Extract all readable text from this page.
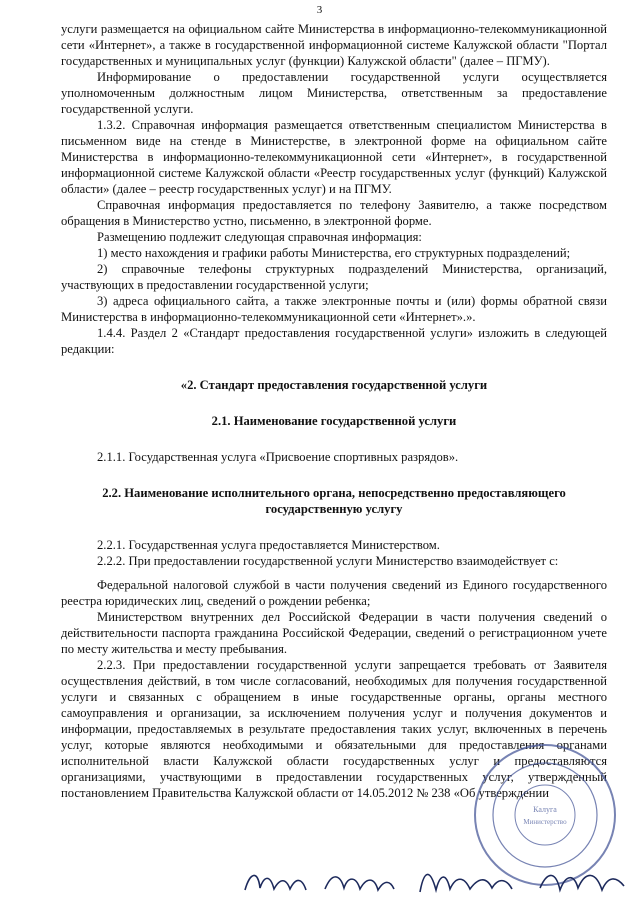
3

услуги размещается на официальном сайте Министерства в информационно-телекоммуникационной сети «Интернет», а также в государственной информационной системе Калужской области "Портал государственных и муниципальных услуг (функции) Калужской области" (далее – ПГМУ).

Информирование о предоставлении государственной услуги осуществляется уполномоченным должностным лицом Министерства, ответственным за предоставление государственной услуги.

1.3.2. Справочная информация размещается ответственным специалистом Министерства в письменном виде на стенде в Министерстве, в электронной форме на официальном сайте Министерства в информационно-телекоммуникационной сети «Интернет», в государственной информационной системе Калужской области «Реестр государственных услуг (функций) Калужской области» (далее – реестр государственных услуг) и на ПГМУ.

Справочная информация предоставляется по телефону Заявителю, а также посредством обращения в Министерство устно, письменно, в электронной форме.

Размещению подлежит следующая справочная информация:

1) место нахождения и графики работы Министерства, его структурных подразделений;

2) справочные телефоны структурных подразделений Министерства, организаций, участвующих в предоставлении государственной услуги;

3) адреса официального сайта, а также электронные почты и (или) формы обратной связи Министерства в информационно-телекоммуникационной сети «Интернет».».

1.4.4. Раздел 2 «Стандарт предоставления государственной услуги» изложить в следующей редакции:

«2. Стандарт предоставления государственной услуги

2.1. Наименование государственной услуги

2.1.1. Государственная услуга «Присвоение спортивных разрядов».

2.2. Наименование исполнительного органа, непосредственно предоставляющего государственную услугу

2.2.1. Государственная услуга предоставляется Министерством.

2.2.2. При предоставлении государственной услуги Министерство взаимодействует с:

Федеральной налоговой службой в части получения сведений из Единого государственного реестра юридических лиц, сведений о рождении ребенка;

Министерством внутренних дел Российской Федерации в части получения сведений о действительности паспорта гражданина Российской Федерации, сведений о регистрационном учете по месту жительства и месту пребывания.

2.2.3. При предоставлении государственной услуги запрещается требовать от Заявителя осуществления действий, в том числе согласований, необходимых для получения государственной услуги и связанных с обращением в иные государственные органы, органы местного самоуправления и организации, за исключением получения услуг и получения документов и информации, предоставляемых в результате предоставления таких услуг, включенных в перечень услуг, которые являются необходимыми и обязательными для предоставления органами исполнительной власти Калужской области государственных услуг и предоставляются организациями, участвующими в предоставлении государственных услуг, утвержденный постановлением Правительства Калужской области от 14.05.2012 № 238 «Об утверждении

Калуга
Министерство
